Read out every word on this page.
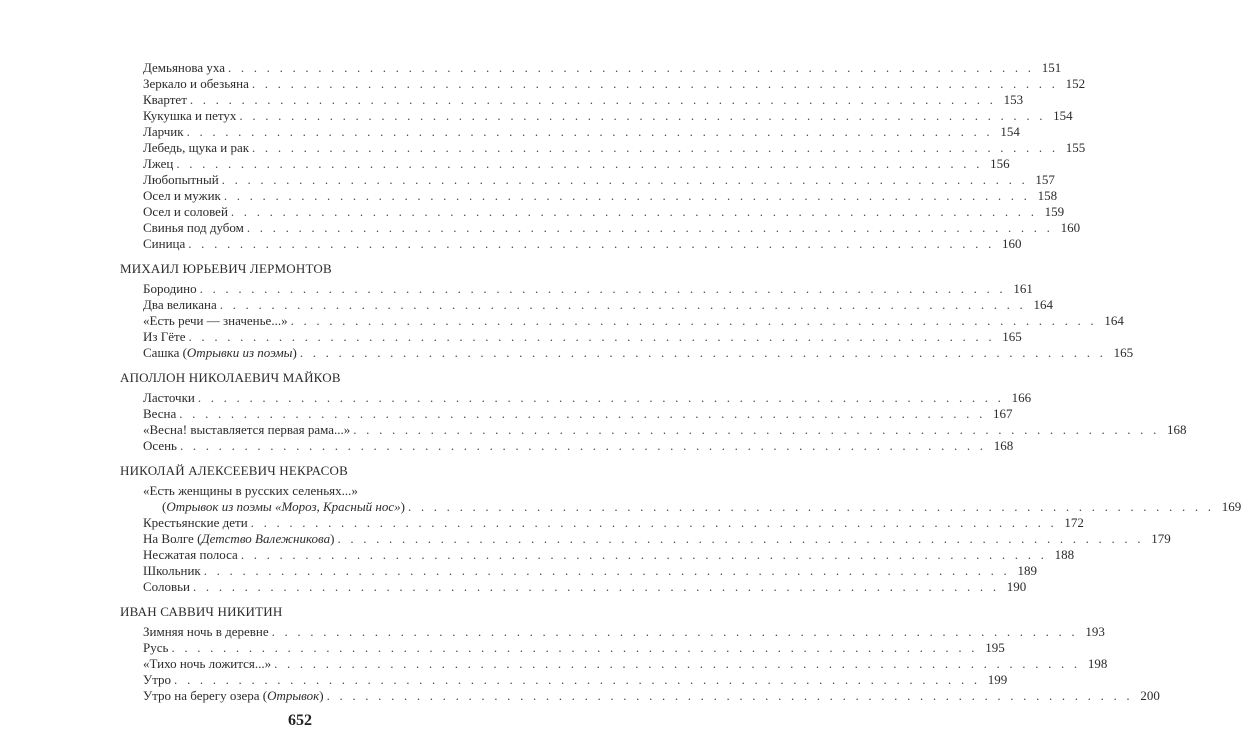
Демьянова уха . . .	151
Зеркало и обезьяна . . .	152
Квартет . . .	153
Кукушка и петух . . .	154
Ларчик . . .	154
Лебедь, щука и рак . . .	155
Лжец . . .	156
Любопытный . . .	157
Осел и мужик . . .	158
Осел и соловей . . .	159
Свинья под дубом . . .	160
Синица . . .	160
МИХАИЛ ЮРЬЕВИЧ ЛЕРМОНТОВ
Бородино . . .	161
Два великана . . .	164
«Есть речи — значенье...» . . .	164
Из Гёте . . .	165
Сашка (Отрывки из поэмы) . . .	165
АПОЛЛОН НИКОЛАЕВИЧ МАЙКОВ
Ласточки . . .	166
Весна . . .	167
«Весна! выставляется первая рама...» . . .	168
Осень . . .	168
НИКОЛАЙ АЛЕКСЕЕВИЧ НЕКРАСОВ
«Есть женщины в русских селеньях...»
(Отрывок из поэмы «Мороз, Красный нос») . . .	169
Крестьянские дети . . .	172
На Волге (Детство Валежникова) . . .	179
Несжатая полоса . . .	188
Школьник . . .	189
Соловьи . . .	190
ИВАН САВВИЧ НИКИТИН
Зимняя ночь в деревне . . .	193
Русь . . .	195
«Тихо ночь ложится...» . . .	198
Утро . . .	199
Утро на берегу озера (Отрывок) . . .	200
652
